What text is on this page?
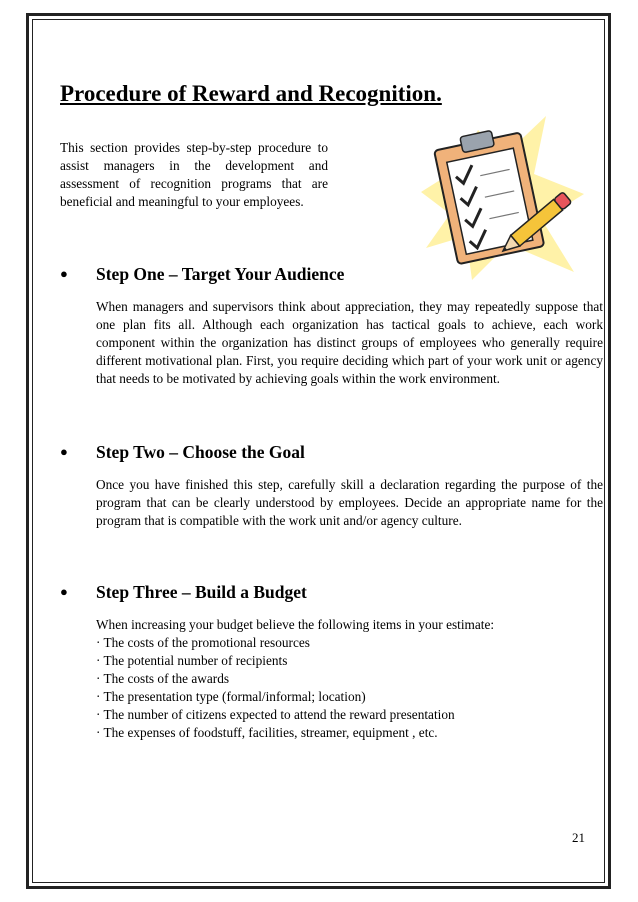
Procedure of Reward and Recognition.

This section provides step-by-step procedure to assist managers in the development and assessment of recognition programs that are beneficial and meaningful to your employees.

●	Step One – Target Your Audience

When managers and supervisors think about appreciation, they may repeatedly suppose that one plan fits all. Although each organization has tactical goals to achieve, each work component within the organization has distinct groups of employees who generally require different motivational plan. First, you require deciding which part of your work unit or agency that needs to be motivated by achieving goals within the work environment.

●	Step Two – Choose the Goal

Once you have finished this step, carefully skill a declaration regarding the purpose of the program that can be clearly understood by employees. Decide an appropriate name for the program that is compatible with the work unit and/or agency culture.

●	Step Three – Build a Budget

When increasing your budget believe the following items in your estimate:

· The costs of the promotional resources
· The potential number of recipients
· The costs of the awards
· The presentation type (formal/informal; location)
· The number of citizens expected to attend the reward presentation
· The expenses of foodstuff, facilities, streamer, equipment , etc.
21
